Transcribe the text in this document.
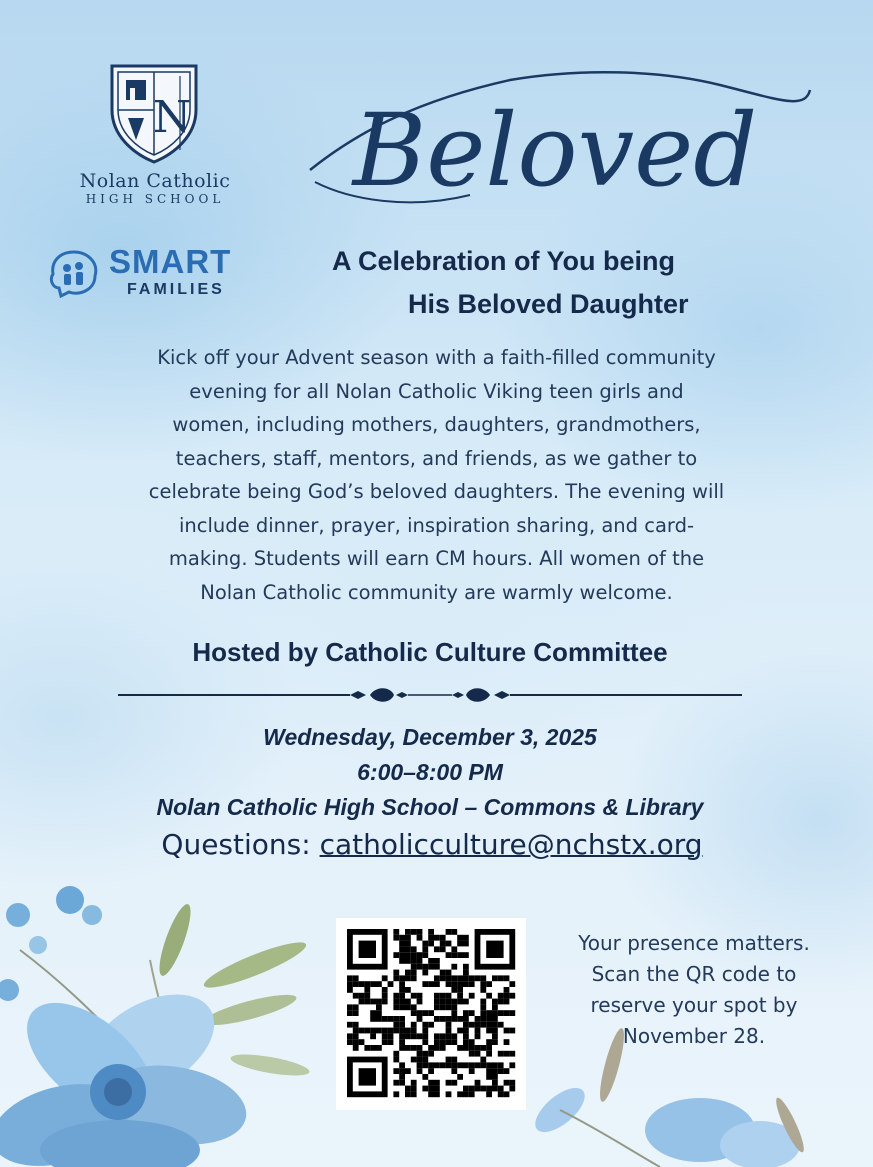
N
Nolan Catholic
HIGH SCHOOL	Beloved
SMART
FAMILIES
A Celebration of You being
His Beloved Daughter
Kick off your Advent season with a faith-filled community
evening for all Nolan Catholic Viking teen girls and
women, including mothers, daughters, grandmothers,
teachers, staff, mentors, and friends, as we gather to
celebrate being God’s beloved daughters. The evening will
include dinner, prayer, inspiration sharing, and card-
making. Students will earn CM hours. All women of the
Nolan Catholic community are warmly welcome.
Hosted by Catholic Culture Committee
Wednesday, December 3, 2025
6:00–8:00 PM
Nolan Catholic High School – Commons & Library
Questions: catholicculture@nchstx.org
Your presence matters.
Scan the QR code to
reserve your spot by
November 28.
